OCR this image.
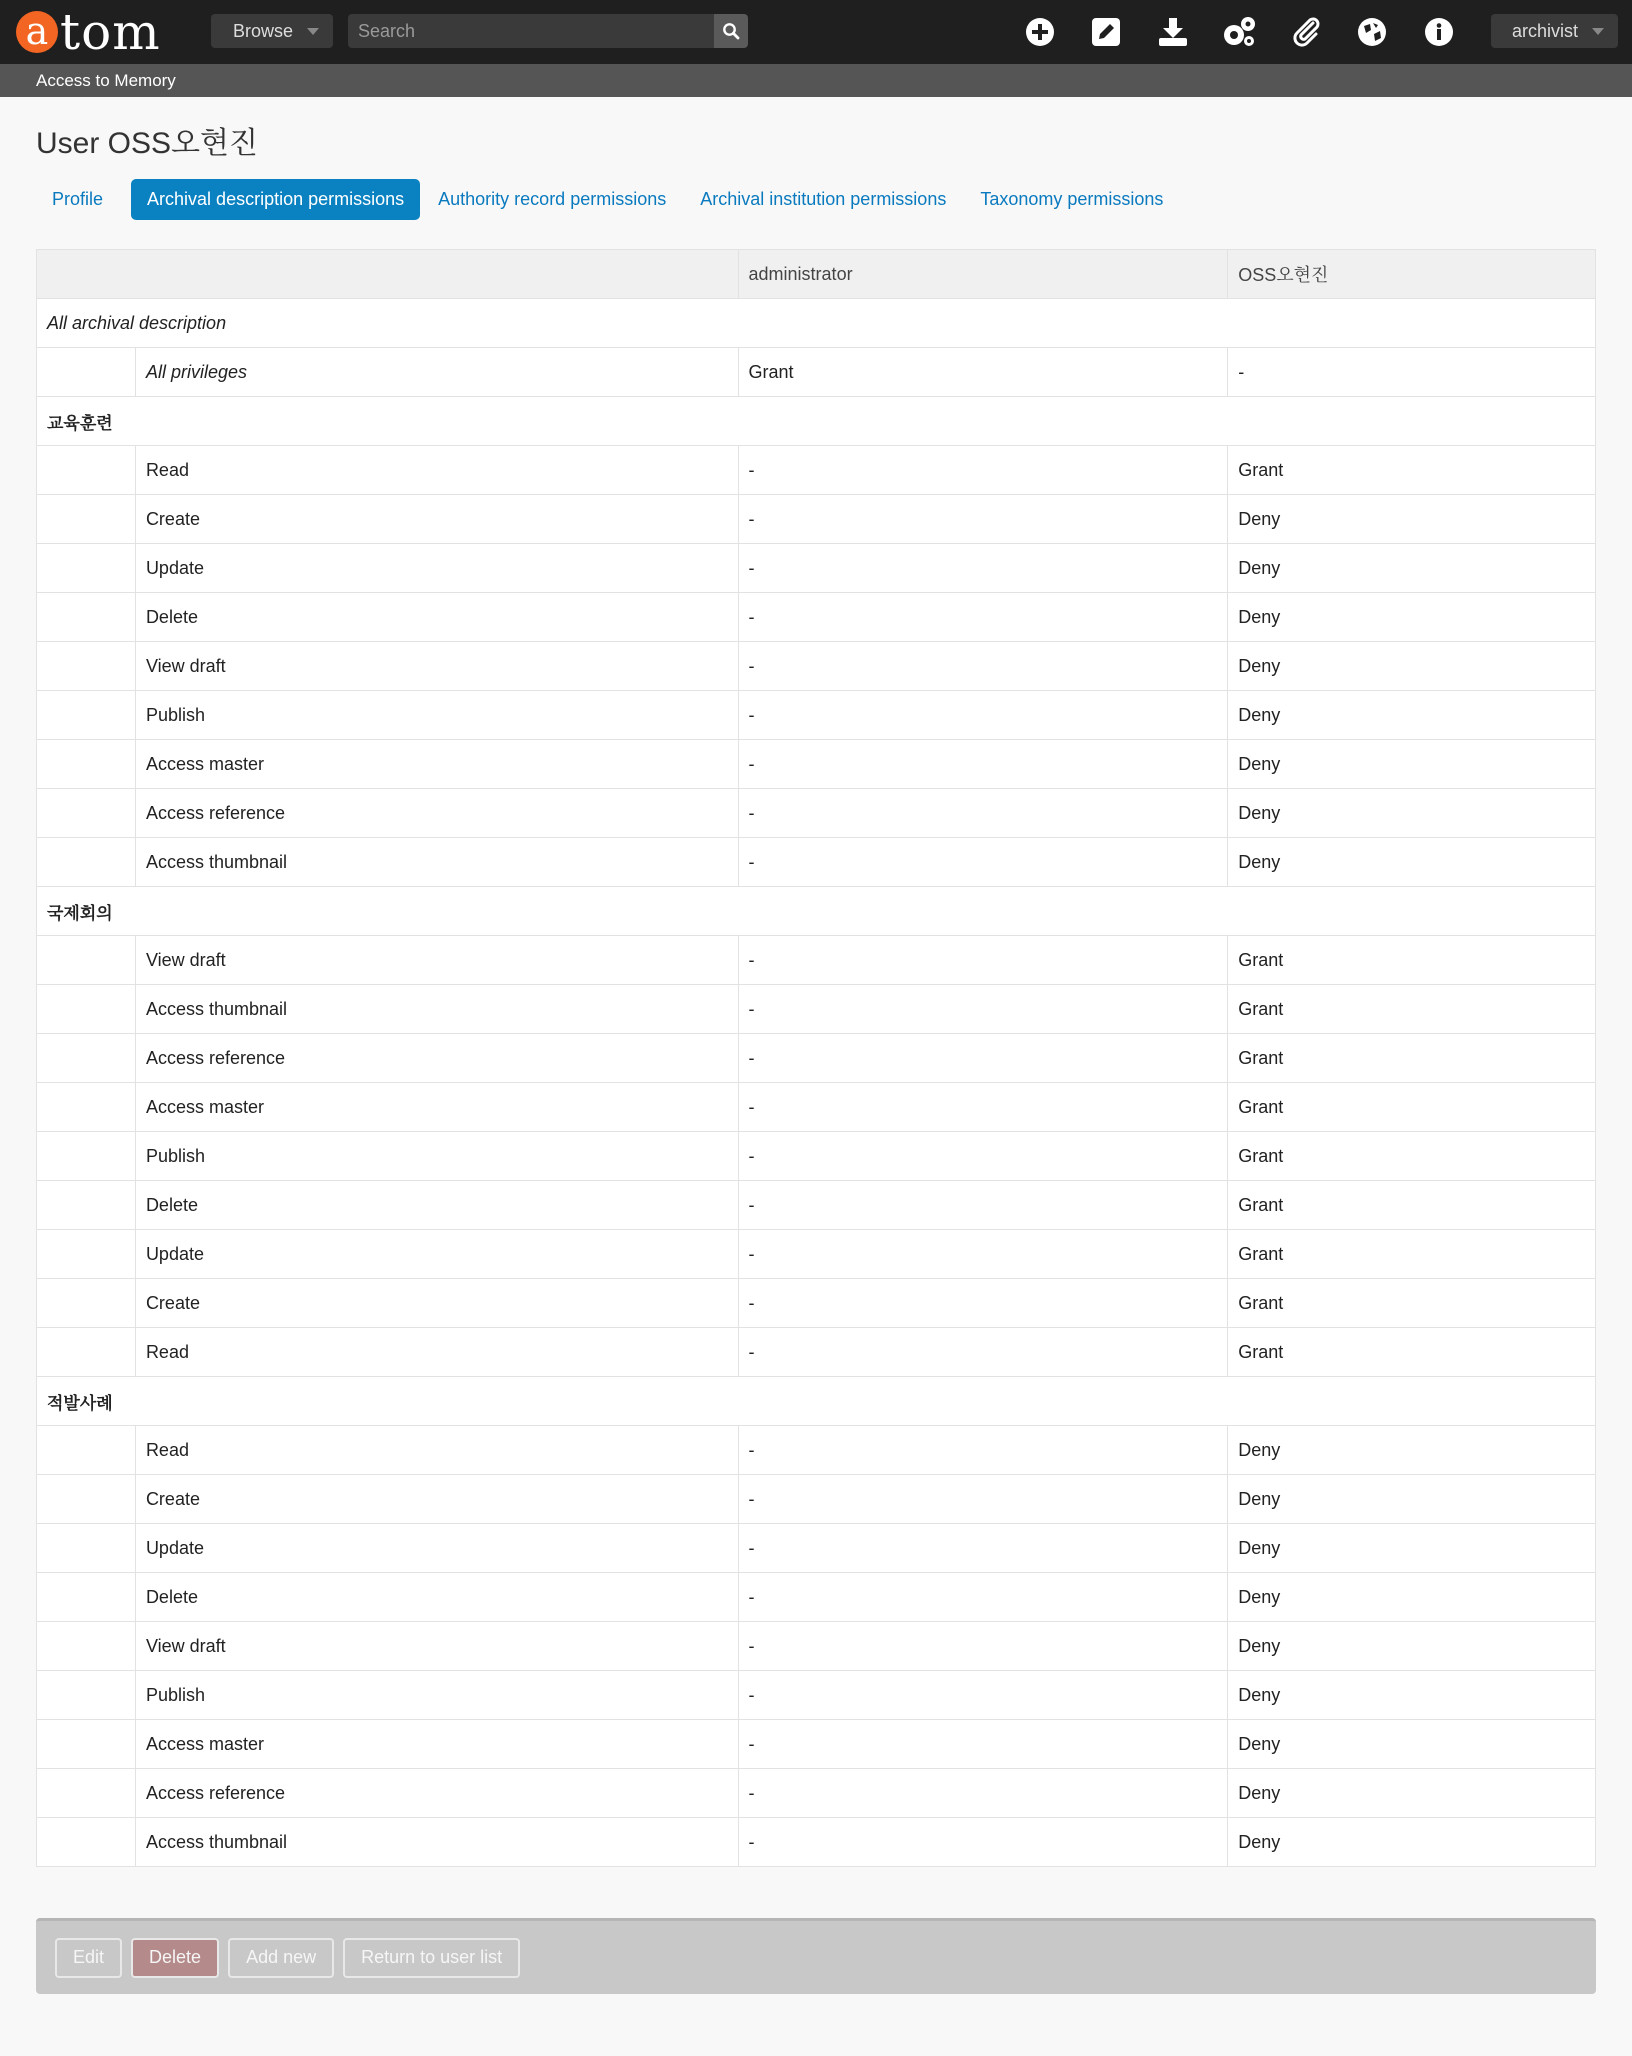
a tom	Browse	Search	archivist
Access to Memory
User OSS오현진
Profile	Archival description permissions	Authority record permissions	Archival institution permissions	Taxonomy permissions
		administrator	OSS오현진
All archival description			
	All privileges	Grant	-
교육훈련			
	Read	-	Grant
	Create	-	Deny
	Update	-	Deny
	Delete	-	Deny
	View draft	-	Deny
	Publish	-	Deny
	Access master	-	Deny
	Access reference	-	Deny
	Access thumbnail	-	Deny
국제회의			
	View draft	-	Grant
	Access thumbnail	-	Grant
	Access reference	-	Grant
	Access master	-	Grant
	Publish	-	Grant
	Delete	-	Grant
	Update	-	Grant
	Create	-	Grant
	Read	-	Grant
적발사례			
	Read	-	Deny
	Create	-	Deny
	Update	-	Deny
	Delete	-	Deny
	View draft	-	Deny
	Publish	-	Deny
	Access master	-	Deny
	Access reference	-	Deny
	Access thumbnail	-	Deny
Edit	Delete	Add new	Return to user list
